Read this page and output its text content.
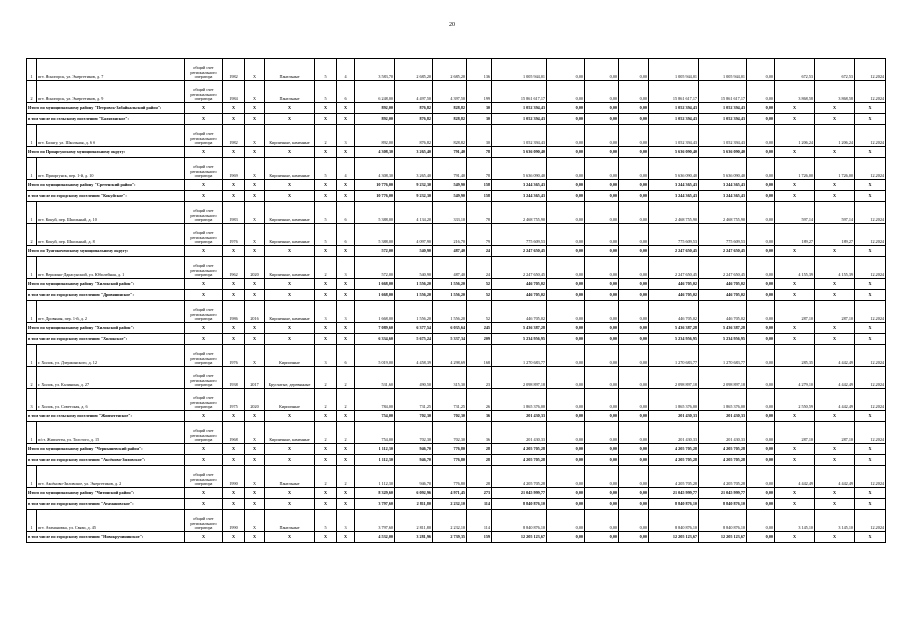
20
1	пгт. Ясногорск, ул. Энергетиков, д. 7	общий счет регионального оператора	1982	Х	Панельные	5	4	3 583,70	2 685,20	2 685,20	136	1 005 944,01	0,00	0,00	0,00	1 005 944,01	1 005 944,01	0,00	672,53	672,53	12.2024
2	пгт. Ясногорск, ул. Энергетиков, д. 9	общий счет регионального оператора	1984	Х	Панельные	5	6	6 248,00	4 497,50	4 397,50	199	15 861 617,17	0,00	0,00	0,00	15 861 617,17	15 861 617,17	0,00	3 868,58	3 868,58	12.2024
Итого по муниципальному району "Петровск-Забайкальский район":		Х	Х	Х	Х	Х	Х	892,00	876,82	828,82	30	1 052 394,43	0,00	0,00	0,00	1 052 394,43	1 052 394,43	0,00	Х	Х	Х
в том числе по сельскому поселению "Баляганское":		Х	Х	Х	Х	Х	Х	892,00	876,82	828,82	30	1 052 394,43	0,00	0,00	0,00	1 052 394,43	1 052 394,43	0,00	Х	Х	Х
1	пгт. Балягу, ул. Школьная, д. 6 б	общий счет регионального оператора	1982	Х	Кирпичные, каменные	2	3	892,00	876,82	828,82	30	1 052 394,43	0,00	0,00	0,00	1 052 394,43	1 052 394,43	0,00	1 206,24	1 206,24	12.2024
Итого по Приаргунскому муниципальному округу:		Х	Х	Х	Х	Х	Х	4 308,30	3 265,40	791,40	78	5 636 090,40	0,00	0,00	0,00	5 636 090,40	5 636 090,40	0,00	Х	Х	Х
1	пгт. Приаргунск, пер. 1-й, д. 10	общий счет регионального оператора	1969	Х	Кирпичные, каменные	5	4	4 308,30	3 265,40	791,40	78	5 636 090,40	0,00	0,00	0,00	5 636 090,40	5 636 090,40	0,00	1 726,00	1 726,00	12.2024
Итого по муниципальному району "Сретенский район":		Х	Х	Х	Х	Х	Х	10 776,00	9 232,30	549,90	158	3 244 365,43	0,00	0,00	0,00	3 244 365,43	3 244 365,43	0,00	Х	Х	Х
в том числе по городскому поселению "Кокуйское":		Х	Х	Х	Х	Х	Х	10 776,00	9 232,30	549,90	158	3 244 365,43	0,00	0,00	0,00	3 244 365,43	3 244 365,43	0,00	Х	Х	Х
1	пгт. Кокуй, пер. Школьный, д. 10	общий счет регионального оператора	1983	Х	Кирпичные, каменные	5	6	5 388,00	4 134,20	333,10	78	2 468 755,90	0,00	0,00	0,00	2 468 755,90	2 468 755,90	0,00	597,14	597,14	12.2024
2	пгт. Кокуй, пер. Школьный, д. 8	общий счет регионального оператора	1976	Х	Кирпичные, каменные	5	6	5 388,00	4 097,90	216,70	79	775 609,53	0,00	0,00	0,00	775 609,53	775 609,53	0,00	189,27	189,27	12.2024
Итого по Тунгокоченскому муниципальному округу:		Х	Х	Х	Х	Х	Х	572,00	540,90	487,40	24	2 247 650,45	0,00	0,00	0,00	2 247 650,45	2 247 650,45	0,00	Х	Х	Х
1	пгт. Вершино-Дарасунский, ул. Юбилейная, д. 1	общий счет регионального оператора	1962	2020	Кирпичные, каменные	2	3	572,00	540,90	487,40	24	2 247 650,45	0,00	0,00	0,00	2 247 650,45	2 247 650,45	0,00	4 155,39	4 155,39	12.2024
Итого по муниципальному району "Хилокский район":		Х	Х	Х	Х	Х	Х	1 668,00	1 556,20	1 556,20	52	446 705,02	0,00	0,00	0,00	446 705,02	446 705,02	0,00	Х	Х	Х
в том числе по городскому поселению "Дровянинское":		Х	Х	Х	Х	Х	Х	1 668,00	1 556,20	1 556,20	52	446 705,02	0,00	0,00	0,00	446 705,02	446 705,02	0,00	Х	Х	Х
1	пгт. Дровяная, пер. 1-й, д. 2	общий счет регионального оператора	1986	2016	Кирпичные, каменные	3	3	1 668,00	1 556,20	1 556,20	52	446 705,02	0,00	0,00	0,00	446 705,02	446 705,02	0,00	287,10	287,10	12.2024
Итого по муниципальному району "Хилокский район":		Х	Х	Х	Х	Х	Х	7 089,60	6 377,54	6 035,64	245	5 436 387,28	0,00	0,00	0,00	5 436 387,28	5 436 387,28	0,00	Х	Х	Х
в том числе по городскому поселению "Хилокское":		Х	Х	Х	Х	Х	Х	6 334,60	5 675,24	5 337,34	209	5 234 956,95	0,00	0,00	0,00	5 234 956,95	5 234 956,95	0,00	Х	Х	Х
1	г. Хилок, ул. Дзержинского, д. 12	общий счет регионального оператора	1976	Х	Кирпичные	3	6	5 019,00	4 458,39	4 298,69	168	1 270 683,77	0,00	0,00	0,00	1 270 683,77	1 270 683,77	0,00	285,35	4 442,49	12.2024
2	г. Хилок, ул. Калинина, д. 27	общий счет регионального оператора	1938	2017	Брусчатые, деревянные	2	2	531,60	490,50	315,30	23	2 098 897,18	0,00	0,00	0,00	2 098 897,18	2 098 897,18	0,00	4 279,10	4 442,49	12.2024
3	г. Хилок, ул. Советская, д. 6	общий счет регионального оператора	1975	2020	Кирпичные	2	2	784,00	731,25	731,25	26	1 865 376,00	0,00	0,00	0,00	1 865 376,00	1 865 376,00	0,00	2 550,59	4 442,49	12.2024
в том числе по сельскому поселению "Жипхегенское":		Х	Х	Х	Х	Х	Х	754,00	702,30	702,30	36	201 430,33	0,00	0,00	0,00	201 430,33	201 430,33	0,00	Х	Х	Х
1	п/ст. Жипхеген, ул. Толстого, д. 15	общий счет регионального оператора	1968	Х	Кирпичные, каменные	2	2	754,00	702,30	702,30	36	201 430,33	0,00	0,00	0,00	201 430,33	201 430,33	0,00	287,10	287,10	12.2024
Итого по муниципальному району "Чернышевский район":		Х	Х	Х	Х	Х	Х	1 112,30	946,70	776,80	28	4 205 705,28	0,00	0,00	0,00	4 205 705,28	4 205 705,28	0,00	Х	Х	Х
в том числе по городскому поселению "Аксёново-Зиловское":		Х	Х	Х	Х	Х	Х	1 112,30	946,70	776,80	28	4 205 705,28	0,00	0,00	0,00	4 205 705,28	4 205 705,28	0,00	Х	Х	Х
1	пгт. Аксёново-Зиловское, ул. Энергетиков, д. 2	общий счет регионального оператора	1990	Х	Панельные	2	2	1 112,30	946,70	776,80	28	4 205 705,28	0,00	0,00	0,00	4 205 705,28	4 205 705,28	0,00	4 442,49	4 442,49	12.2024
Итого по муниципальному району "Читинский район":		Х	Х	Х	Х	Х	Х	8 329,60	6 092,96	4 971,45	273	21 045 999,77	0,00	0,00	0,00	21 045 999,77	21 045 999,77	0,00	Х	Х	Х
в том числе по городскому поселению "Атамановское":		Х	Х	Х	Х	Х	Х	3 797,60	2 811,80	2 232,10	114	8 840 876,10	0,00	0,00	0,00	8 840 876,10	8 840 876,10	0,00	Х	Х	Х
1	пгт. Атамановка, ул. Связи, д. 45	общий счет регионального оператора	1990	Х	Панельные	5	3	3 797,60	2 811,80	2 232,10	114	8 840 876,10	0,00	0,00	0,00	8 840 876,10	8 840 876,10	0,00	3 145,10	3 145,10	12.2024
в том числе по городскому поселению "Новокручининское":		Х	Х	Х	Х	Х	Х	4 532,00	3 281,96	2 739,35	159	12 205 123,67	0,00	0,00	0,00	12 205 123,67	12 205 123,67	0,00	Х	Х	Х
